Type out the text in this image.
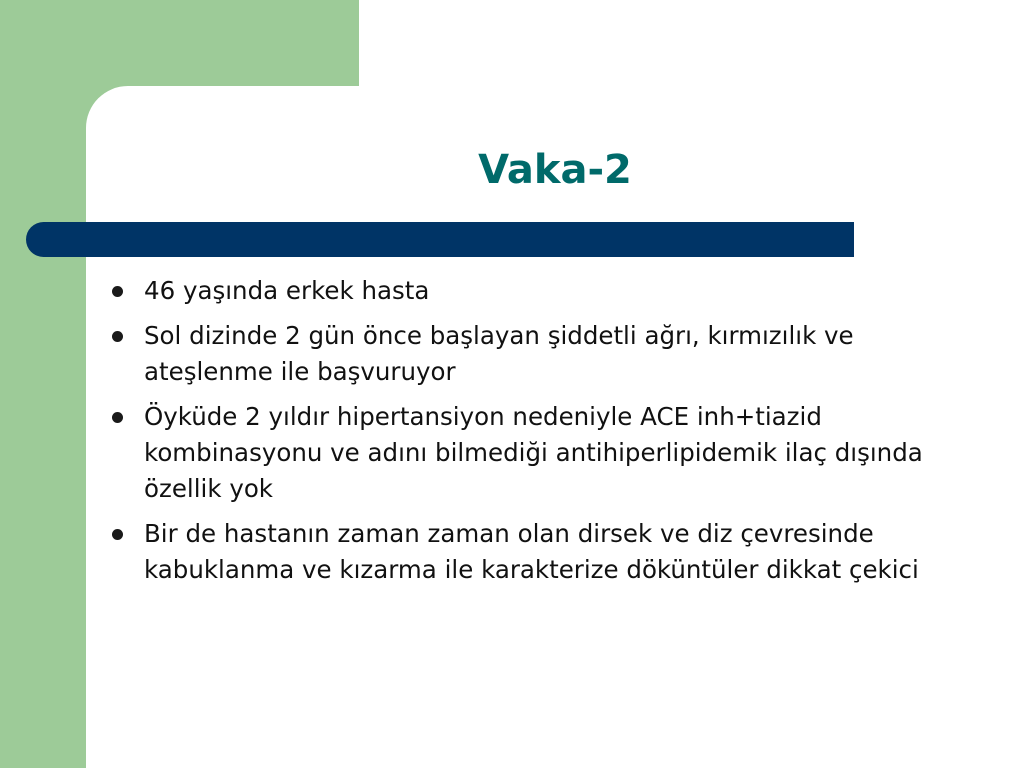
Vaka-2
46 yaşında erkek hasta
Sol dizinde 2 gün önce başlayan şiddetli ağrı, kırmızılık ve ateşlenme ile başvuruyor
Öyküde 2 yıldır hipertansiyon nedeniyle ACE inh+tiazid kombinasyonu ve adını bilmediği antihiperlipidemik ilaç dışında özellik yok
Bir de hastanın zaman zaman olan dirsek ve diz çevresinde kabuklanma ve kızarma ile karakterize döküntüler dikkat çekici
